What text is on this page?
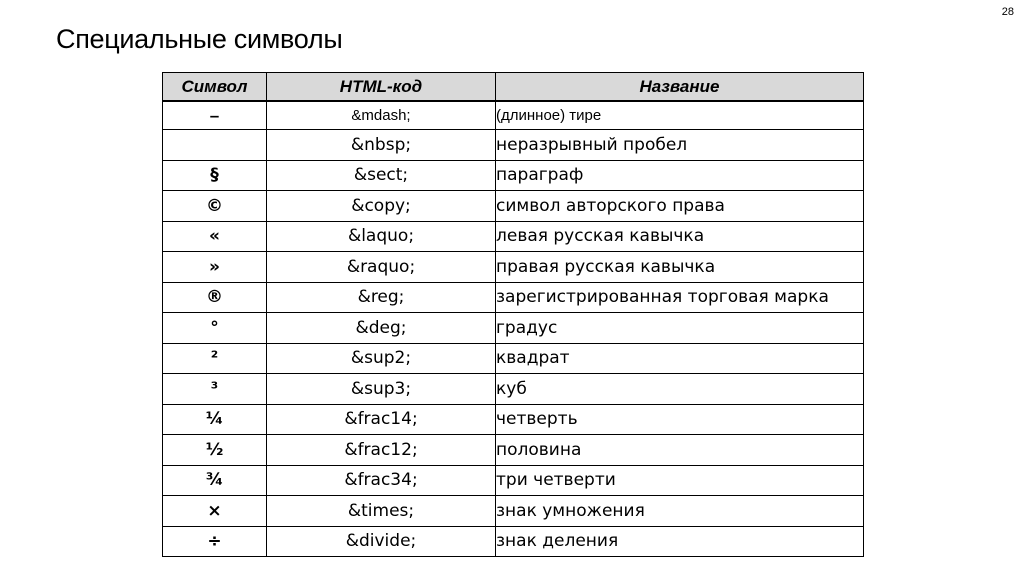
28
Специальные символы
Символ	HTML-код	Название
–	&mdash;	(длинное) тире
	&nbsp;	неразрывный пробел
§	&sect;	параграф
©	&copy;	символ авторского права
«	&laquo;	левая русская кавычка
»	&raquo;	правая русская кавычка
®	&reg;	зарегистрированная торговая марка
°	&deg;	градус
²	&sup2;	квадрат
³	&sup3;	куб
¼	&frac14;	четверть
½	&frac12;	половина
¾	&frac34;	три четверти
×	&times;	знак умножения
÷	&divide;	знак деления
